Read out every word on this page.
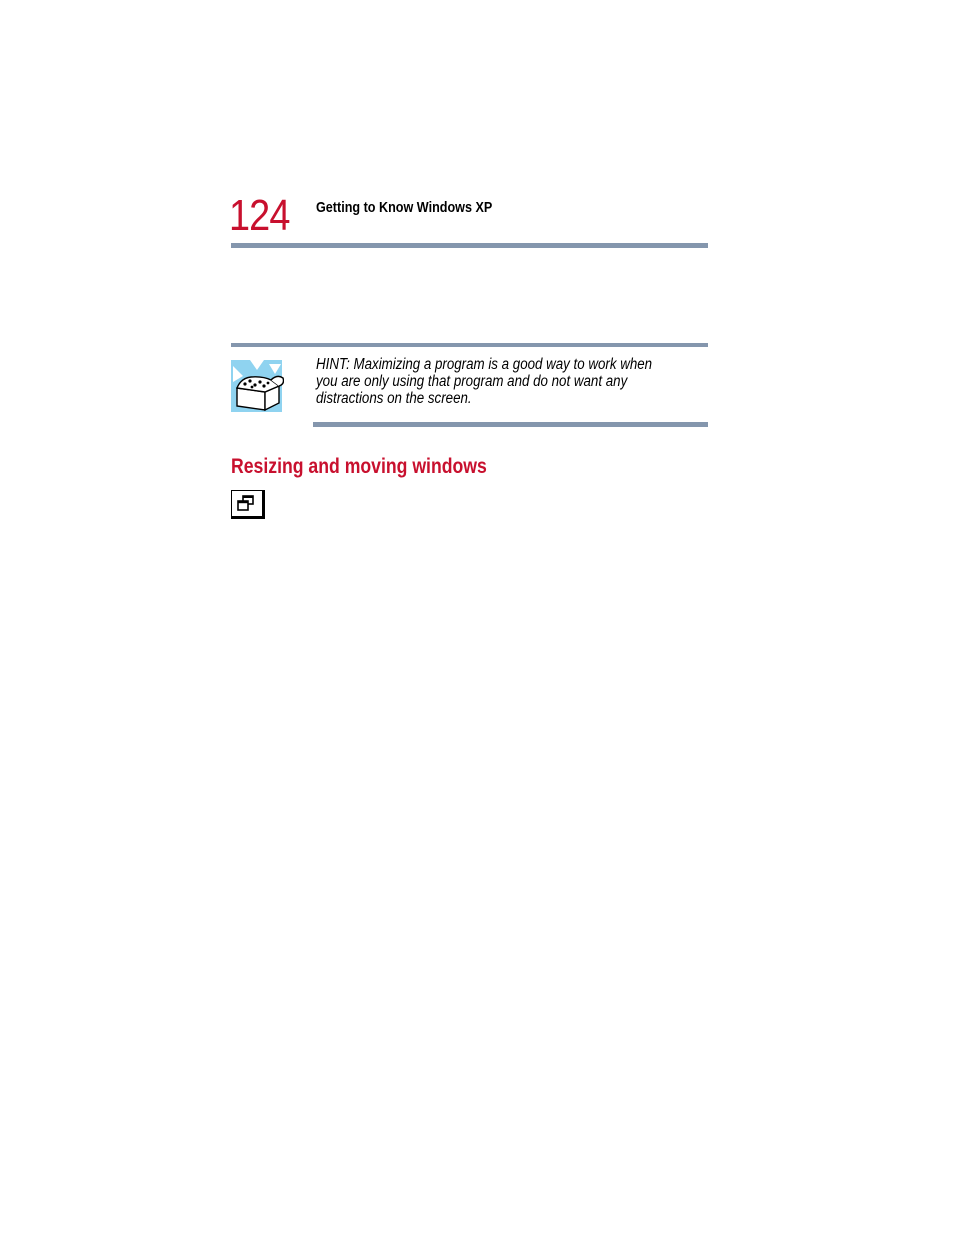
124 Getting to Know Windows XP
HINT: Maximizing a program is a good way to work when
you are only using that program and do not want any
distractions on the screen.
Resizing and moving windows
